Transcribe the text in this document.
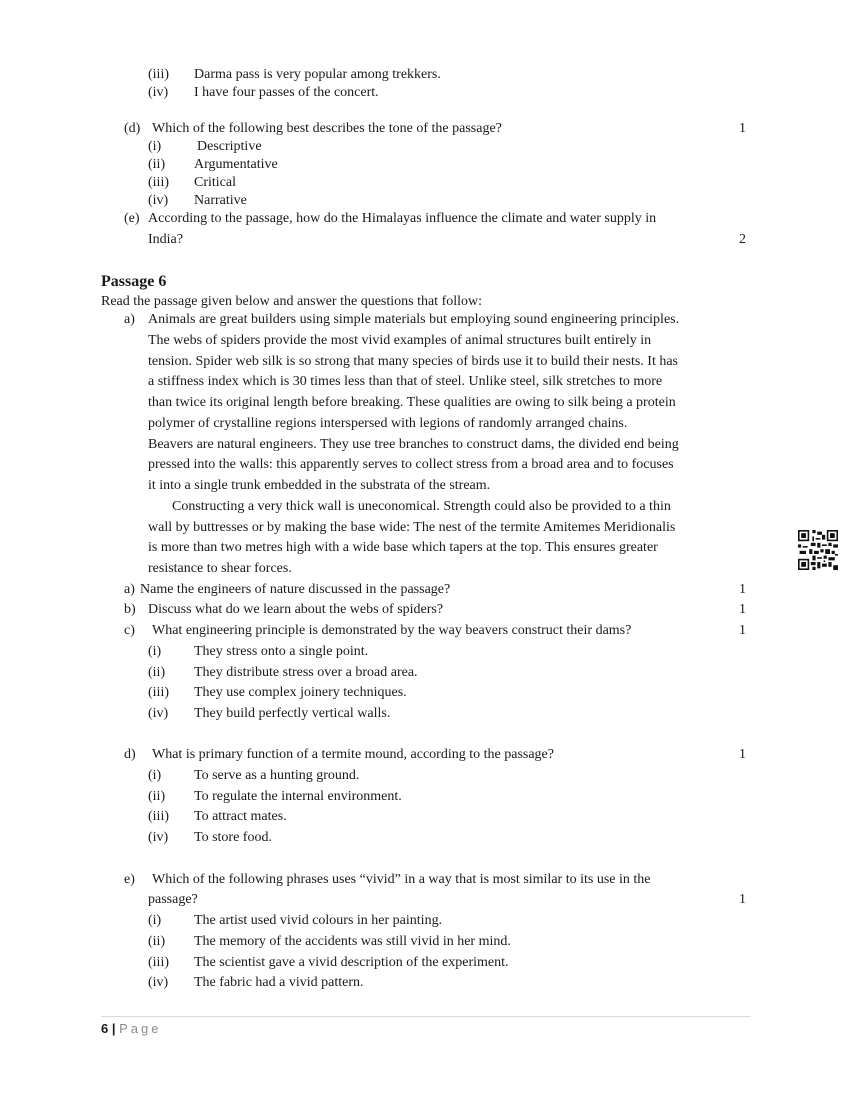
(iii) Darma pass is very popular among trekkers.
(iv) I have four passes of the concert.
(d) Which of the following best describes the tone of the passage?	1
(i)	Descriptive
(ii) Argumentative
(iii) Critical
(iv) Narrative
(e) According to the passage, how do the Himalayas influence the climate and water supply in
India?	2
Passage 6
Read the passage given below and answer the questions that follow:
a) Animals are great builders using simple materials but employing sound engineering principles.
The webs of spiders provide the most vivid examples of animal structures built entirely in
tension. Spider web silk is so strong that many species of birds use it to build their nests. It has
a stiffness index which is 30 times less than that of steel. Unlike steel, silk stretches to more
than twice its original length before breaking. These qualities are owing to silk being a protein
polymer of crystalline regions interspersed with legions of randomly arranged chains.
Beavers are natural engineers. They use tree branches to construct dams, the divided end being
pressed into the walls: this apparently serves to collect stress from a broad area and to focuses
it into a single trunk embedded in the substrata of the stream.
Constructing a very thick wall is uneconomical. Strength could also be provided to a thin
wall by buttresses or by making the base wide: The nest of the termite Amitemes Meridionalis
is more than two metres high with a wide base which tapers at the top. This ensures greater
resistance to shear forces.
a) Name the engineers of nature discussed in the passage?	1
b) Discuss what do we learn about the webs of spiders?	1
c) What engineering principle is demonstrated by the way beavers construct their dams?	1
(i) They stress onto a single point.
(ii) They distribute stress over a broad area.
(iii) They use complex joinery techniques.
(iv) They build perfectly vertical walls.
d) What is primary function of a termite mound, according to the passage?	1
(i) To serve as a hunting ground.
(ii) To regulate the internal environment.
(iii) To attract mates.
(iv) To store food.
e) Which of the following phrases uses “vivid” in a way that is most similar to its use in the
passage?	1
(i) The artist used vivid colours in her painting.
(ii) The memory of the accidents was still vivid in her mind.
(iii) The scientist gave a vivid description of the experiment.
(iv) The fabric had a vivid pattern.
6 | Page
